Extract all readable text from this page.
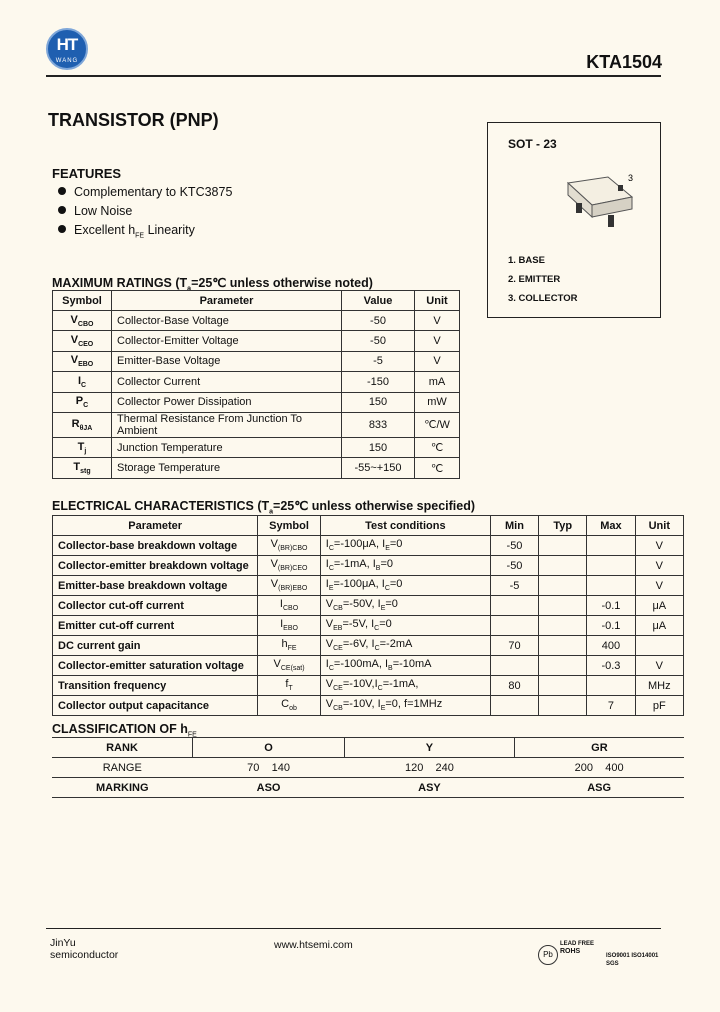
HT
WANG	KTA1504
TRANSISTOR (PNP)
FEATURES
Complementary to KTC3875
Low Noise
Excellent $h_{FE}$ Linearity
SOT - 23
3
1. BASE
2. EMITTER
3. COLLECTOR
MAXIMUM RATINGS ($T_a=25℃$ unless otherwise noted)
Symbol	Parameter	Value	Unit
$V_{CBO}$	Collector-Base Voltage	-50	V
$V_{CEO}$	Collector-Emitter Voltage	-50	V
$V_{EBO}$	Emitter-Base Voltage	-5	V
$I_C$	Collector Current	-150	mA
$P_C$	Collector Power Dissipation	150	mW
$R_{\theta JA}$	Thermal Resistance From Junction To Ambient	833	℃/W
$T_j$	Junction Temperature	150	℃
$T_{stg}$	Storage Temperature	-55~+150	℃
ELECTRICAL CHARACTERISTICS ($T_a=25℃$ unless otherwise specified)
Parameter	Symbol	Test conditions	Min	Typ	Max	Unit
Collector-base breakdown voltage	$V_{(BR)CBO}$	$I_C=-100\mu A$, $I_E=0$	-50			V
Collector-emitter breakdown voltage	$V_{(BR)CEO}$	$I_C=-1mA$, $I_B=0$	-50			V
Emitter-base breakdown voltage	$V_{(BR)EBO}$	$I_E=-100\mu A$, $I_C=0$	-5			V
Collector cut-off current	$I_{CBO}$	$V_{CB}=-50V$, $I_E=0$			-0.1	μA
Emitter cut-off current	$I_{EBO}$	$V_{EB}=-5V$, $I_C=0$			-0.1	μA
DC current gain	$h_{FE}$	$V_{CE}=-6V$, $I_C=-2mA$	70		400	
Collector-emitter saturation voltage	$V_{CE(sat)}$	$I_C=-100mA$, $I_B=-10mA$			-0.3	V
Transition frequency	$f_T$	$V_{CE}=-10V,I_C=-1mA$,	80			MHz
Collector output capacitance	$C_{ob}$	$V_{CB}=-10V$, $I_E=0$, f=1MHz			7	pF
CLASSIFICATION OF $h_{FE}$
RANK	O	Y	GR
RANGE	70    140	120    240	200    400
MARKING	ASO	ASY	ASG
JinYu
semiconductor
www.htsemi.com
Pb
LEAD FREE
ROHS
ISO9001 ISO14001
SGS
